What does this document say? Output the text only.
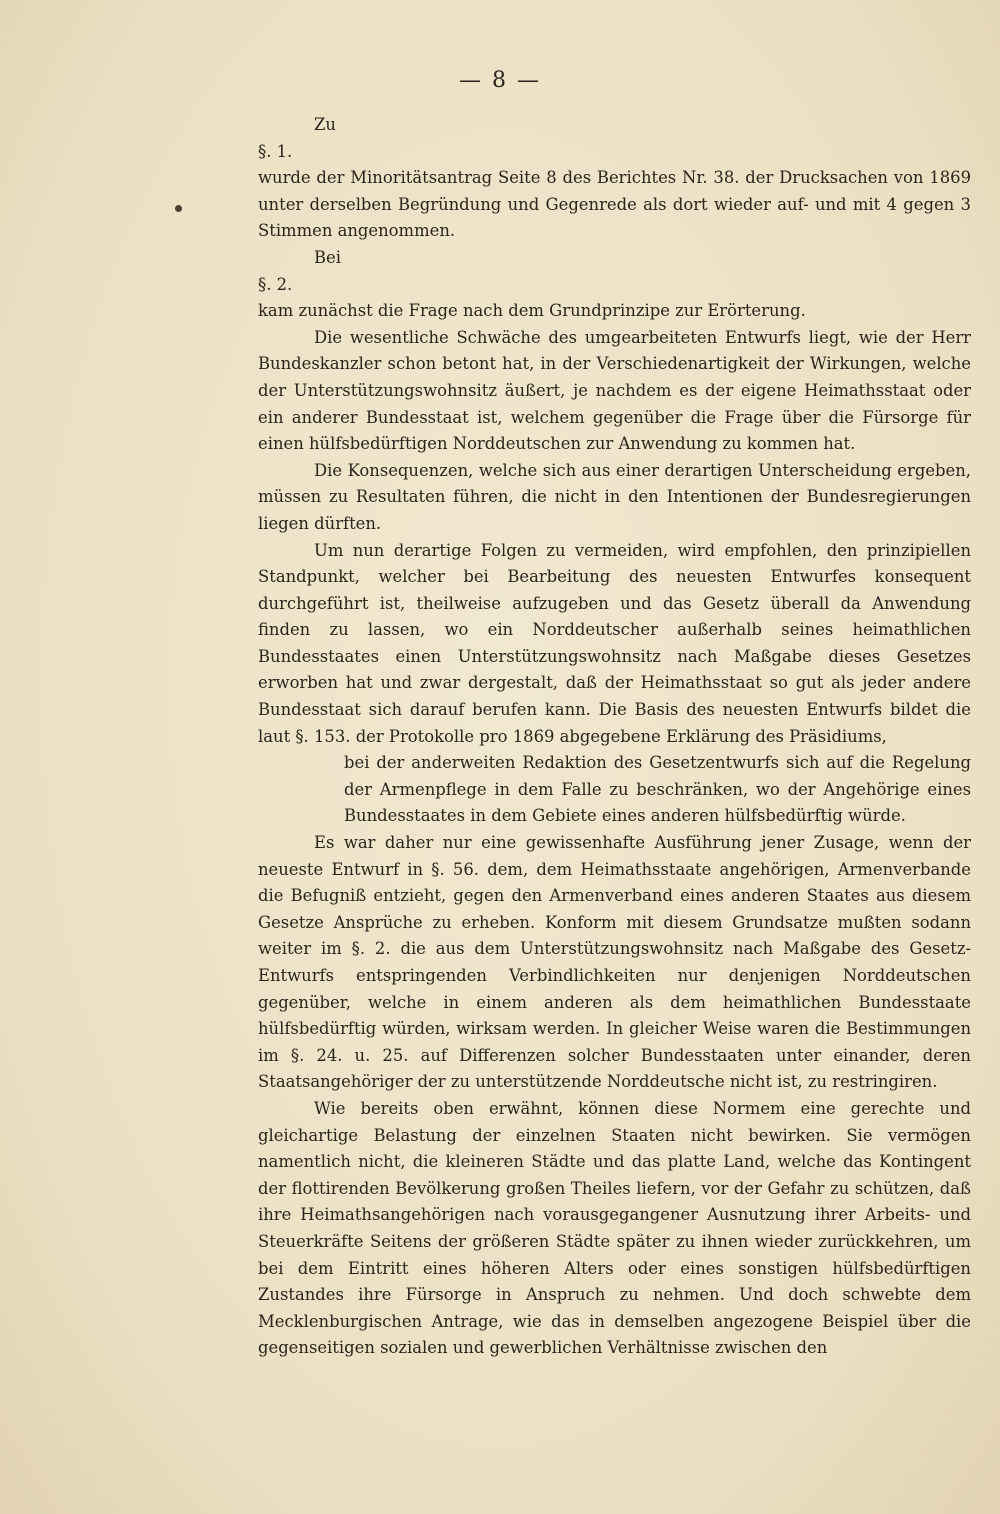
— 8 —

Zu

§. 1.

wurde der Minoritätsantrag Seite 8 des Berichtes Nr. 38. der Drucksachen von 1869 unter derselben Begründung und Gegenrede als dort wieder auf- und mit 4 gegen 3 Stimmen angenommen.

Bei

§. 2.

kam zunächst die Frage nach dem Grundprinzipe zur Erörterung.

Die wesentliche Schwäche des umgearbeiteten Entwurfs liegt, wie der Herr Bundeskanzler schon betont hat, in der Verschiedenartigkeit der Wirkungen, welche der Unterstützungswohnsitz äußert, je nachdem es der eigene Heimathsstaat oder ein anderer Bundesstaat ist, welchem gegenüber die Frage über die Fürsorge für einen hülfsbedürftigen Norddeutschen zur Anwendung zu kommen hat.

Die Konsequenzen, welche sich aus einer derartigen Unterscheidung ergeben, müssen zu Resultaten führen, die nicht in den Intentionen der Bundesregierungen liegen dürften.

Um nun derartige Folgen zu vermeiden, wird empfohlen, den prinzipiellen Standpunkt, welcher bei Bearbeitung des neuesten Entwurfes konsequent durchgeführt ist, theilweise aufzugeben und das Gesetz überall da Anwendung finden zu lassen, wo ein Norddeutscher außerhalb seines heimathlichen Bundesstaates einen Unterstützungswohnsitz nach Maßgabe dieses Gesetzes erworben hat und zwar dergestalt, daß der Heimathsstaat so gut als jeder andere Bundesstaat sich darauf berufen kann. Die Basis des neuesten Entwurfs bildet die laut §. 153. der Protokolle pro 1869 abgegebene Erklärung des Präsidiums,

bei der anderweiten Redaktion des Gesetzentwurfs sich auf die Regelung der Armenpflege in dem Falle zu beschränken, wo der Angehörige eines Bundesstaates in dem Gebiete eines anderen hülfsbedürftig würde.

Es war daher nur eine gewissenhafte Ausführung jener Zusage, wenn der neueste Entwurf in §. 56. dem, dem Heimathsstaate angehörigen, Armenverbande die Befugniß entzieht, gegen den Armenverband eines anderen Staates aus diesem Gesetze Ansprüche zu erheben. Konform mit diesem Grundsatze mußten sodann weiter im §. 2. die aus dem Unterstützungswohnsitz nach Maßgabe des Gesetz-Entwurfs entspringenden Verbindlichkeiten nur denjenigen Norddeutschen gegenüber, welche in einem anderen als dem heimathlichen Bundesstaate hülfsbedürftig würden, wirksam werden. In gleicher Weise waren die Bestimmungen im §. 24. u. 25. auf Differenzen solcher Bundesstaaten unter einander, deren Staatsangehöriger der zu unterstützende Norddeutsche nicht ist, zu restringiren.

Wie bereits oben erwähnt, können diese Normem eine gerechte und gleichartige Belastung der einzelnen Staaten nicht bewirken. Sie vermögen namentlich nicht, die kleineren Städte und das platte Land, welche das Kontingent der flottirenden Bevölkerung großen Theiles liefern, vor der Gefahr zu schützen, daß ihre Heimathsangehörigen nach vorausgegangener Ausnutzung ihrer Arbeits- und Steuerkräfte Seitens der größeren Städte später zu ihnen wieder zurückkehren, um bei dem Eintritt eines höheren Alters oder eines sonstigen hülfsbedürftigen Zustandes ihre Fürsorge in Anspruch zu nehmen. Und doch schwebte dem Mecklenburgischen Antrage, wie das in demselben angezogene Beispiel über die gegenseitigen sozialen und gewerblichen Verhältnisse zwischen den
